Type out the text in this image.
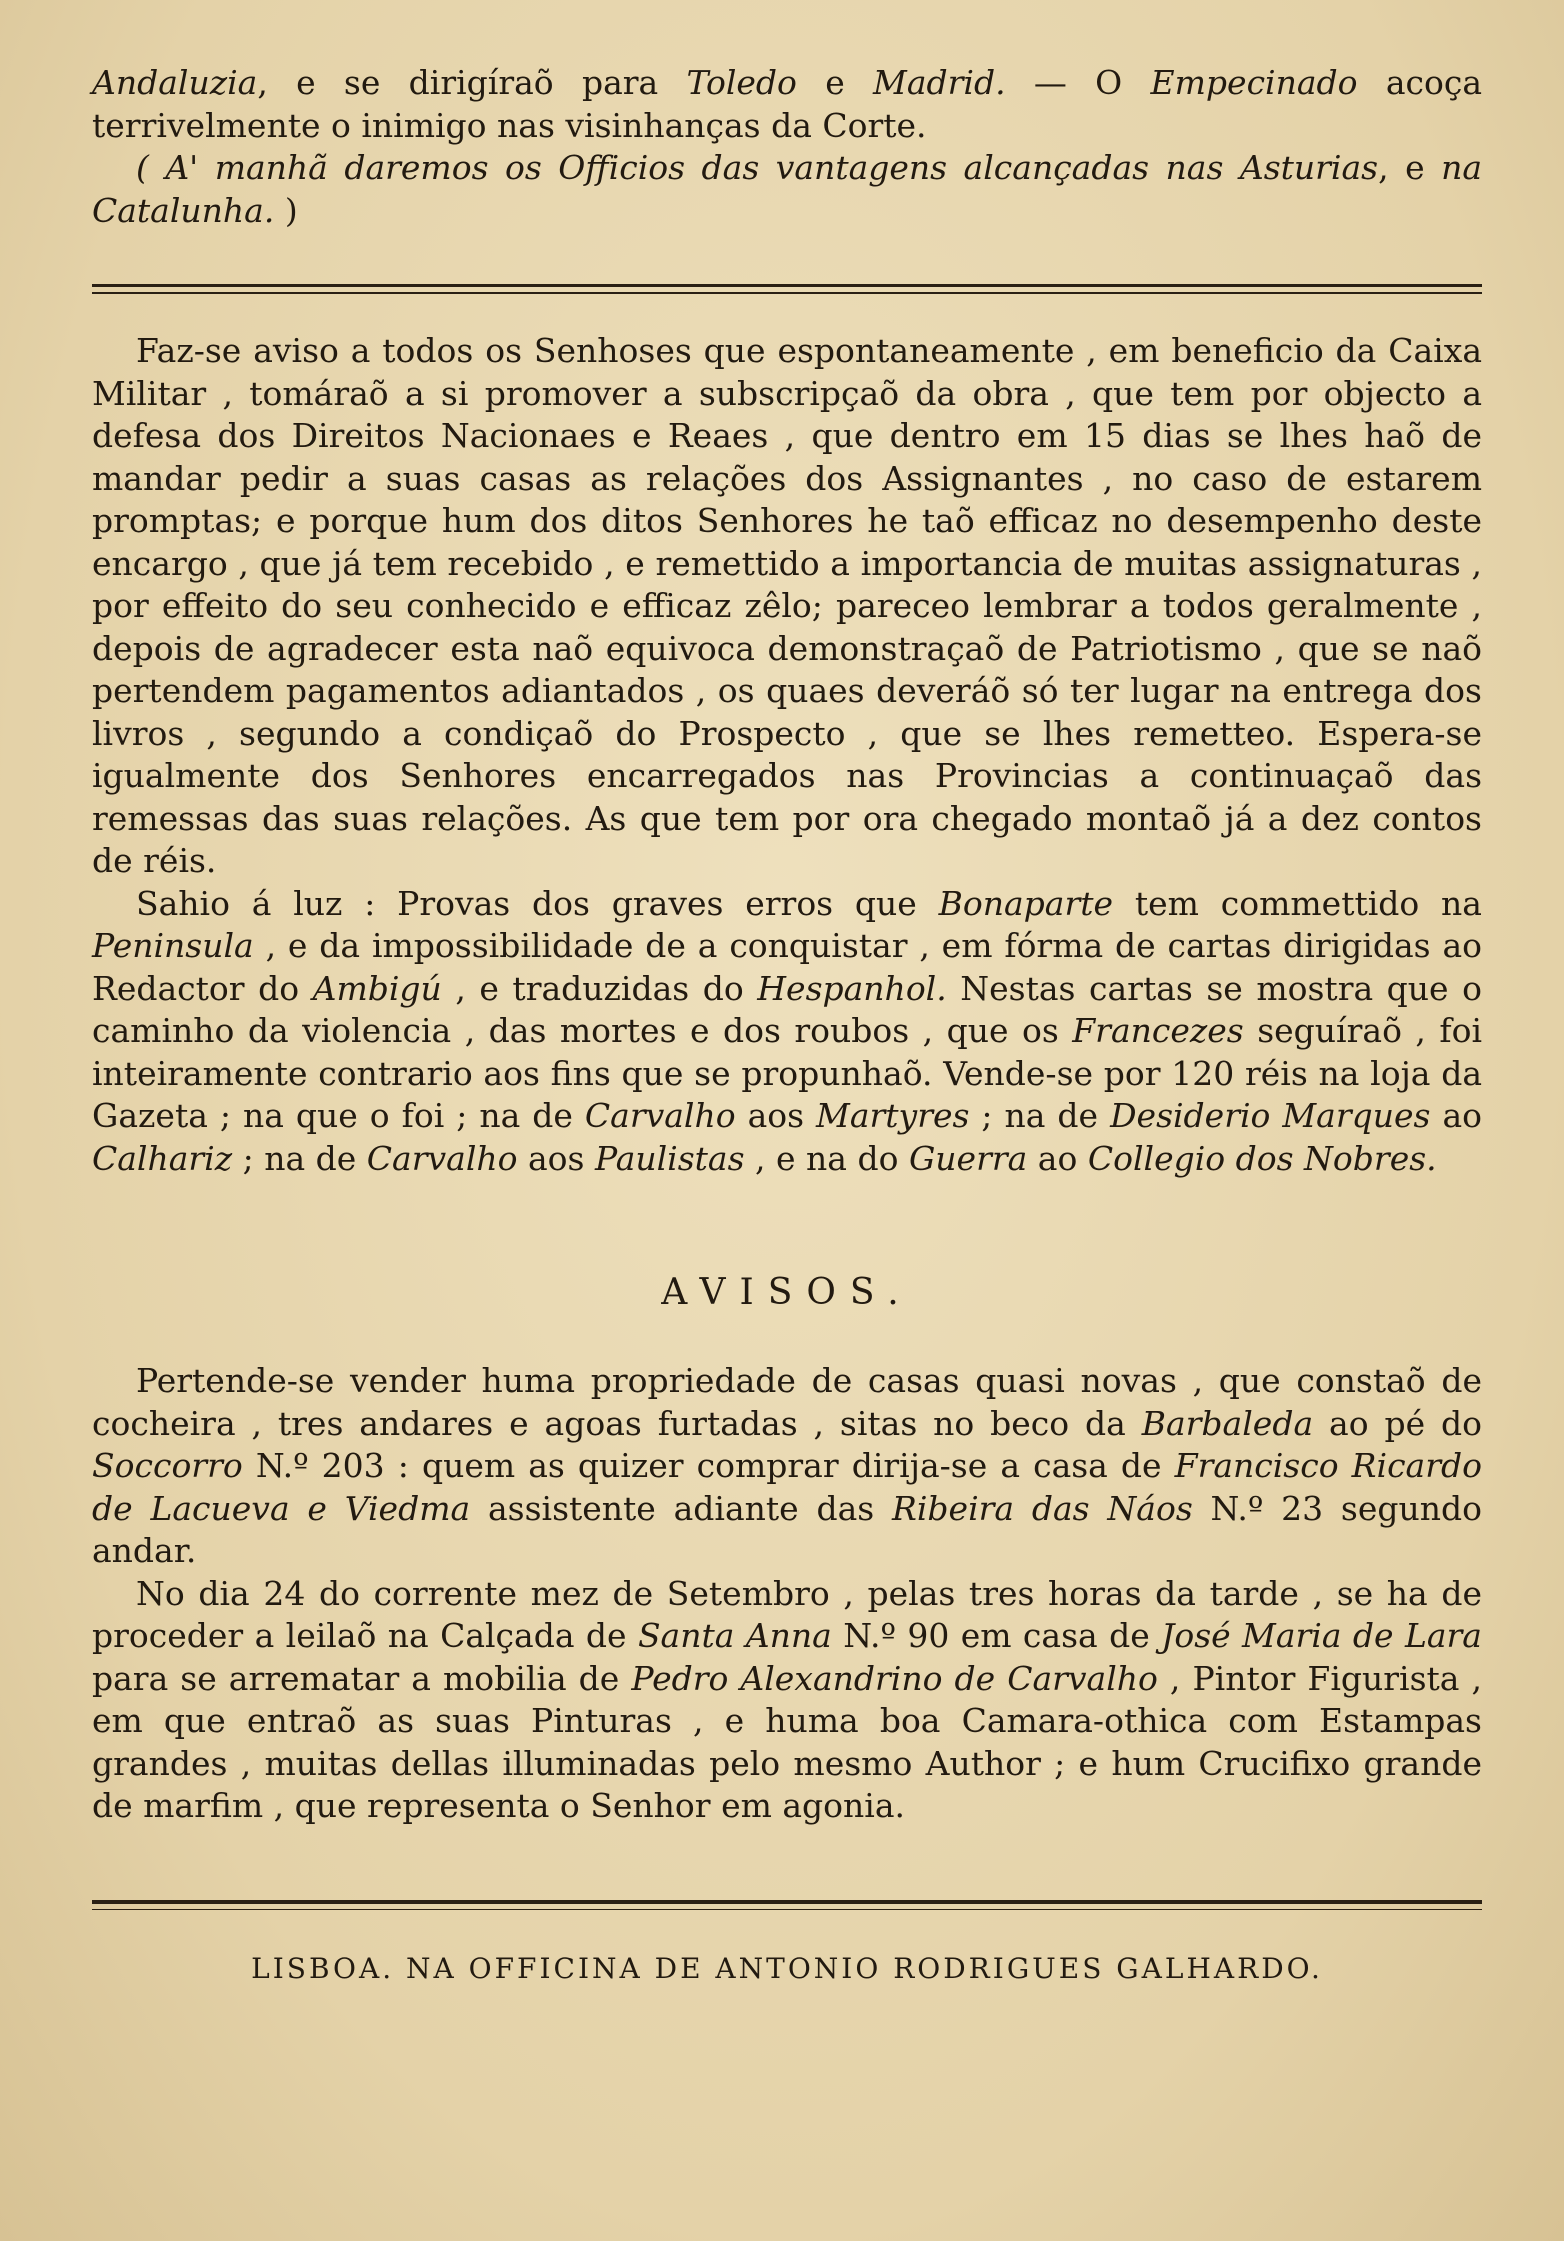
Andaluzia, e se dirigíraõ para Toledo e Madrid. — O Empecinado acoça terrivelmente o inimigo nas visinhanças da Corte.

( A' manhã daremos os Officios das vantagens alcançadas nas Asturias, e na Catalunha. )

Faz-se aviso a todos os Senhoses que espontaneamente , em beneficio da Caixa Militar , tomáraõ a si promover a subscripçaõ da obra , que tem por objecto a defesa dos Direitos Nacionaes e Reaes , que dentro em 15 dias se lhes haõ de mandar pedir a suas casas as relações dos Assignantes , no caso de estarem promptas; e porque hum dos ditos Senhores he taõ efficaz no desempenho deste encargo , que já tem recebido , e remettido a importancia de muitas assignaturas , por effeito do seu conhecido e efficaz zêlo; pareceo lembrar a todos geralmente , depois de agradecer esta naõ equivoca demonstraçaõ de Patriotismo , que se naõ pertendem pagamentos adiantados , os quaes deveráõ só ter lugar na entrega dos livros , segundo a condiçaõ do Prospecto , que se lhes remetteo. Espera-se igualmente dos Senhores encarregados nas Provincias a continuaçaõ das remessas das suas relações. As que tem por ora chegado montaõ já a dez contos de réis.

Sahio á luz : Provas dos graves erros que Bonaparte tem commettido na Peninsula , e da impossibilidade de a conquistar , em fórma de cartas dirigidas ao Redactor do Ambigú , e traduzidas do Hespanhol. Nestas cartas se mostra que o caminho da violencia , das mortes e dos roubos , que os Francezes seguíraõ , foi inteiramente contrario aos fins que se propunhaõ. Vende-se por 120 réis na loja da Gazeta ; na que o foi ; na de Carvalho aos Martyres ; na de Desiderio Marques ao Calhariz ; na de Carvalho aos Paulistas , e na do Guerra ao Collegio dos Nobres.

AVISOS.

Pertende-se vender huma propriedade de casas quasi novas , que constaõ de cocheira , tres andares e agoas furtadas , sitas no beco da Barbaleda ao pé do Soccorro N.º 203 : quem as quizer comprar dirija-se a casa de Francisco Ricardo de Lacueva e Viedma assistente adiante das Ribeira das Náos N.º 23 segundo andar.

No dia 24 do corrente mez de Setembro , pelas tres horas da tarde , se ha de proceder a leilaõ na Calçada de Santa Anna N.º 90 em casa de José Maria de Lara para se arrematar a mobilia de Pedro Alexandrino de Carvalho , Pintor Figurista , em que entraõ as suas Pinturas , e huma boa Camara-othica com Estampas grandes , muitas dellas illuminadas pelo mesmo Author ; e hum Crucifixo grande de marfim , que representa o Senhor em agonia.

LISBOA. NA OFFICINA DE ANTONIO RODRIGUES GALHARDO.
